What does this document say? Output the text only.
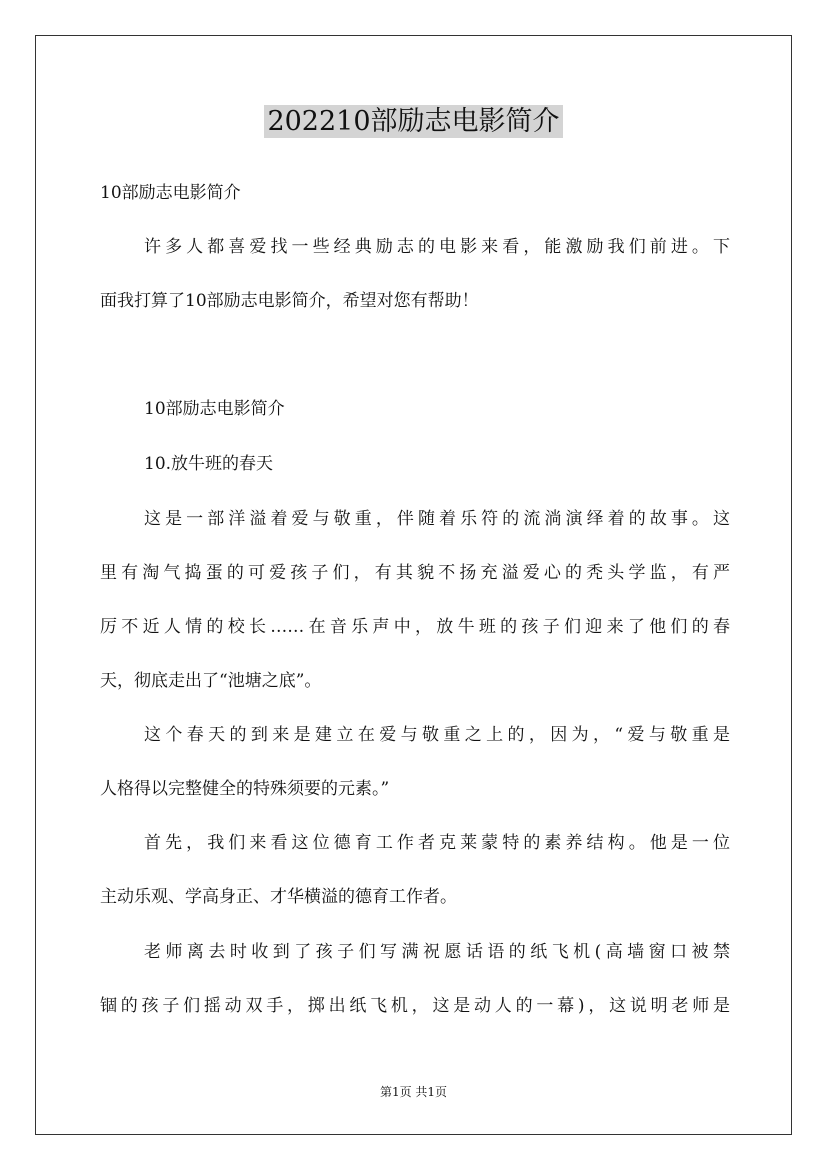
202210部励志电影简介

10部励志电影简介

许多人都喜爱找一些经典励志的电影来看，能激励我们前进。下

面我打算了10部励志电影简介，希望对您有帮助！

10部励志电影简介

10.放牛班的春天

这是一部洋溢着爱与敬重，伴随着乐符的流淌演绎着的故事。这

里有淘气捣蛋的可爱孩子们，有其貌不扬充溢爱心的秃头学监，有严

厉不近人情的校长……在音乐声中，放牛班的孩子们迎来了他们的春

天，彻底走出了“池塘之底”。

这个春天的到来是建立在爱与敬重之上的，因为，“爱与敬重是

人格得以完整健全的特殊须要的元素。”

首先，我们来看这位德育工作者克莱蒙特的素养结构。他是一位

主动乐观、学高身正、才华横溢的德育工作者。

老师离去时收到了孩子们写满祝愿话语的纸飞机(高墙窗口被禁

锢的孩子们摇动双手，掷出纸飞机，这是动人的一幕)，这说明老师是

第1页 共1页
